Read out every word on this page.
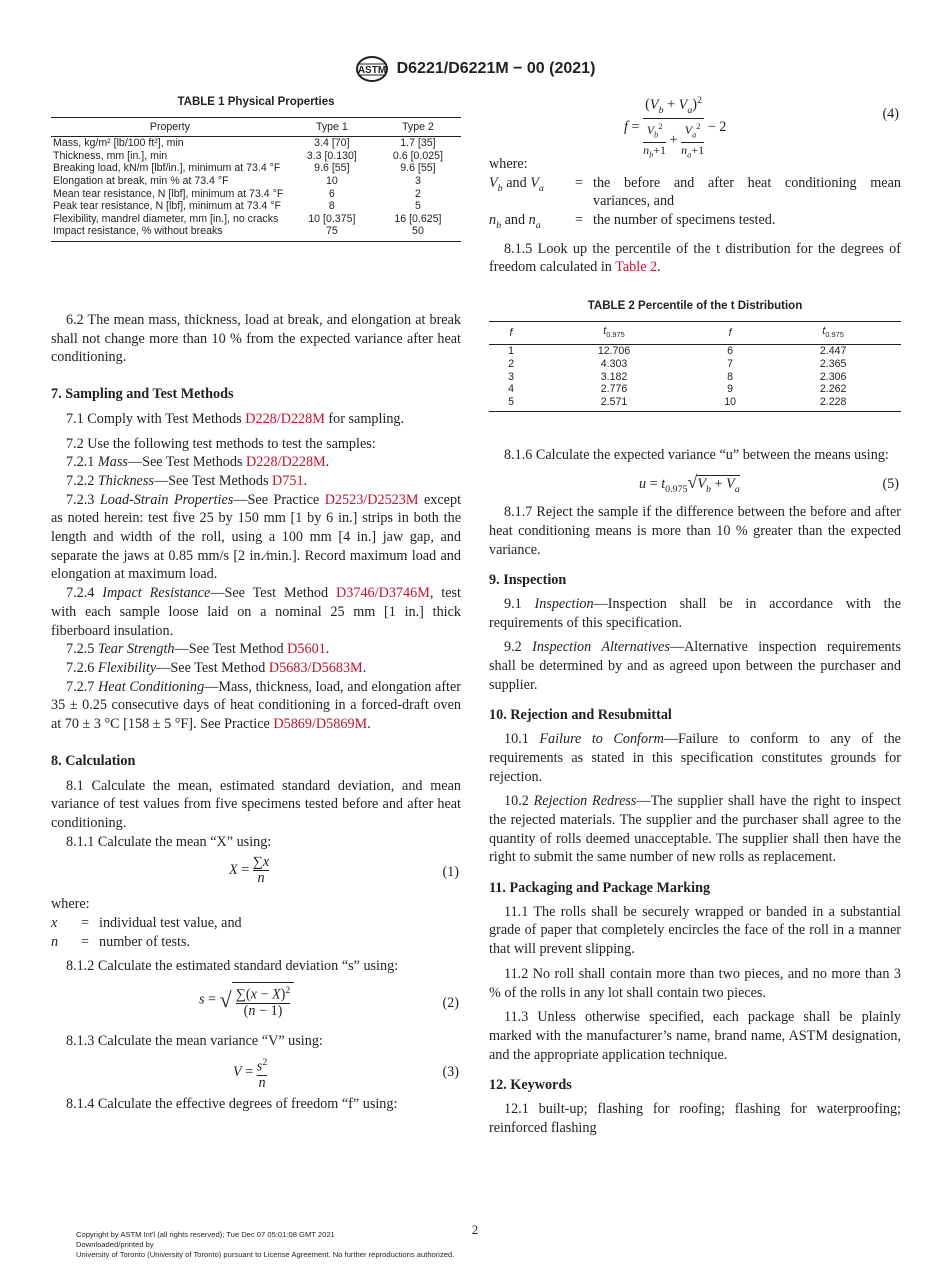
ASTM D6221/D6221M − 00 (2021)
TABLE 1 Physical Properties
Property	Type 1	Type 2
Mass, kg/m² [lb/100 ft²], min	3.4 [70]	1.7 [35]
Thickness, mm [in.], min	3.3 [0.130]	0.6 [0.025]
Breaking load, kN/m [lbf/in.], minimum at 73.4 °F	9.6 [55]	9.6 [55]
Elongation at break, min % at 73.4 °F	10	3
Mean tear resistance, N [lbf], minimum at 73.4 °F	6	2
Peak tear resistance, N [lbf], minimum at 73.4 °F	8	5
Flexibility, mandrel diameter, mm [in.], no cracks	10 [0.375]	16 [0.625]
Impact resistance, % without breaks	75	50

6.2 The mean mass, thickness, load at break, and elongation at break shall not change more than 10 % from the expected variance after heat conditioning.

7. Sampling and Test Methods

7.1 Comply with Test Methods D228/D228M for sampling.

7.2 Use the following test methods to test the samples:

7.2.1 Mass—See Test Methods D228/D228M.

7.2.2 Thickness—See Test Methods D751.

7.2.3 Load-Strain Properties—See Practice D2523/D2523M except as noted herein: test five 25 by 150 mm [1 by 6 in.] strips in both the length and width of the roll, using a 100 mm [4 in.] jaw gap, and separate the jaws at 0.85 mm/s [2 in.⁄min.]. Record maximum load and elongation at maximum load.

7.2.4 Impact Resistance—See Test Method D3746/D3746M, test with each sample loose laid on a nominal 25 mm [1 in.] thick fiberboard insulation.

7.2.5 Tear Strength—See Test Method D5601.

7.2.6 Flexibility—See Test Method D5683/D5683M.

7.2.7 Heat Conditioning—Mass, thickness, load, and elongation after 35 ± 0.25 consecutive days of heat conditioning in a forced-draft oven at 70 ± 3 °C [158 ± 5 °F]. See Practice D5869/D5869M.

8. Calculation

8.1 Calculate the mean, estimated standard deviation, and mean variance of test values from five specimens tested before and after heat conditioning.

8.1.1 Calculate the mean “X” using:

$X = \frac{\sum x}{n}$	(1)

where:

x	= individual test value, and
n	= number of tests.

8.1.2 Calculate the estimated standard deviation “s” using:

s = √ $\frac{\sum(x - X)^2}{(n - 1)}$	(2)

8.1.3 Calculate the mean variance “V” using:

$V = \frac{s^2}{n}$	(3)

8.1.4 Calculate the effective degrees of freedom “f” using:

$f = \frac{(V_b + V_a)^2}{\frac{V_b^2}{n_b+1} + \frac{V_a^2}{n_a+1}} - 2$
(4)

where:

$V_b$ and $V_a$	= the before and after heat conditioning mean variances, and
$n_b$ and $n_a$	= the number of specimens tested.

8.1.5 Look up the percentile of the t distribution for the degrees of freedom calculated in Table 2.

TABLE 2 Percentile of the t Distribution
f	$t_{0.975}$	f	$t_{0.975}$
1	12.706	6	2.447
2	4.303	7	2.365
3	3.182	8	2.306
4	2.776	9	2.262
5	2.571	10	2.228

8.1.6 Calculate the expected variance “u” between the means using:

$u = t_{0.975}√V_b + V_a$	(5)

8.1.7 Reject the sample if the difference between the before and after heat conditioning means is more than 10 % greater than the expected variance.

9. Inspection

9.1 Inspection—Inspection shall be in accordance with the requirements of this specification.

9.2 Inspection Alternatives—Alternative inspection requirements shall be determined by and as agreed upon between the purchaser and supplier.

10. Rejection and Resubmittal

10.1 Failure to Conform—Failure to conform to any of the requirements as stated in this specification constitutes grounds for rejection.

10.2 Rejection Redress—The supplier shall have the right to inspect the rejected materials. The supplier and the purchaser shall agree to the quantity of rolls deemed unacceptable. The supplier shall then have the right to submit the same number of new rolls as replacement.

11. Packaging and Package Marking

11.1 The rolls shall be securely wrapped or banded in a substantial grade of paper that completely encircles the face of the roll in a manner that will prevent slipping.

11.2 No roll shall contain more than two pieces, and no more than 3 % of the rolls in any lot shall contain two pieces.

11.3 Unless otherwise specified, each package shall be plainly marked with the manufacturer’s name, brand name, ASTM designation, and the appropriate application technique.

12. Keywords

12.1 built-up; flashing for roofing; flashing for waterproofing; reinforced flashing

2
Copyright by ASTM Int'l (all rights reserved); Tue Dec 07 05:01:08 GMT 2021
Downloaded/printed by
University of Toronto (University of Toronto) pursuant to License Agreement. No further reproductions authorized.
